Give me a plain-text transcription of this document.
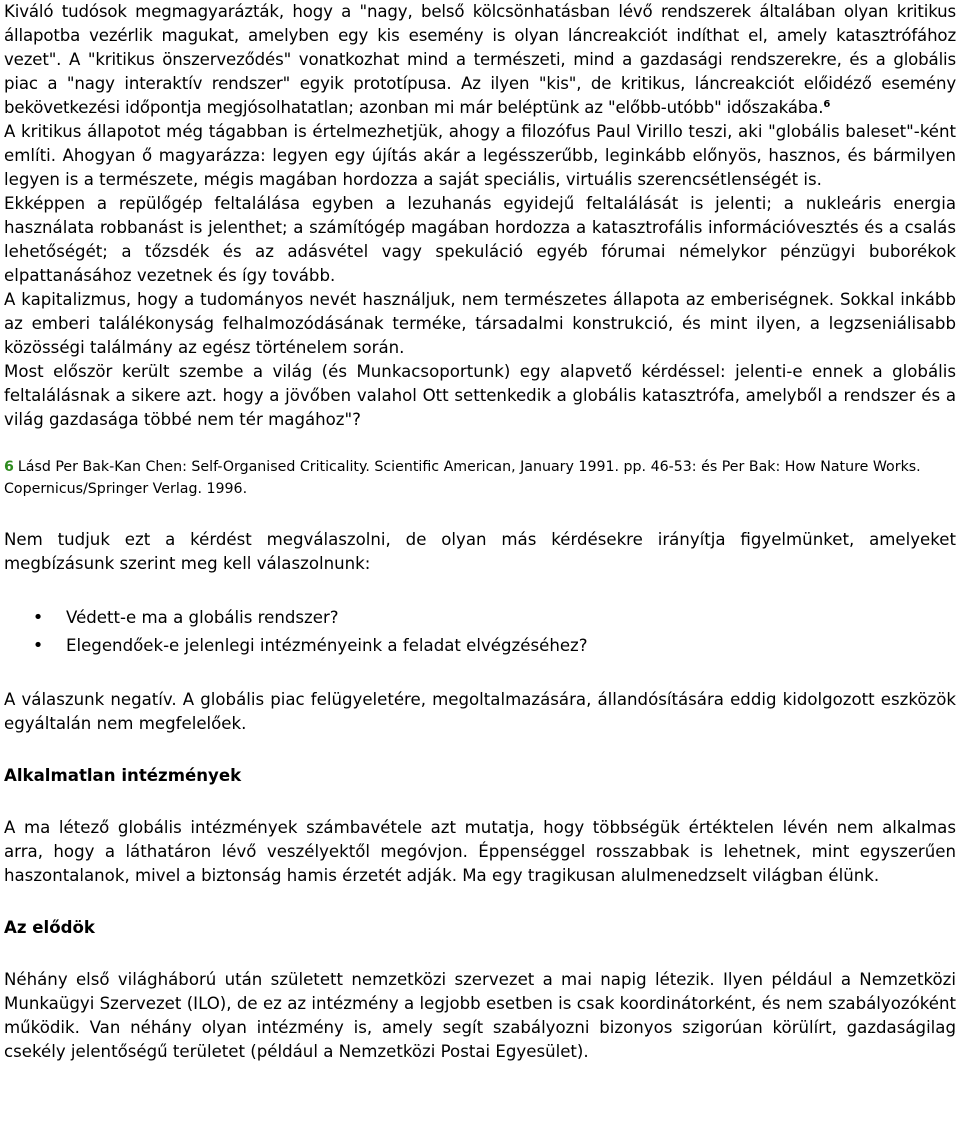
Kiváló tudósok megmagyarázták, hogy a "nagy, belső kölcsönhatásban lévő rendszerek általában olyan kritikus állapotba vezérlik magukat, amelyben egy kis esemény is olyan láncreakciót indíthat el, amely katasztrófához vezet". A "kritikus önszerveződés" vonatkozhat mind a természeti, mind a gazdasági rendszerekre, és a globális piac a "nagy interaktív rendszer" egyik prototípusa. Az ilyen "kis", de kritikus, láncreakciót előidéző esemény bekövetkezési időpontja megjósolhatatlan; azonban mi már beléptünk az "előbb-utóbb" időszakába.$^6$

A kritikus állapotot még tágabban is értelmezhetjük, ahogy a filozófus Paul Virillo teszi, aki "globális baleset"-ként említi. Ahogyan ő magyarázza: legyen egy újítás akár a legésszerűbb, leginkább előnyös, hasznos, és bármilyen legyen is a természete, mégis magában hordozza a saját speciális, virtuális szerencsétlenségét is.

Ekképpen a repülőgép feltalálása egyben a lezuhanás egyidejű feltalálását is jelenti; a nukleáris energia használata robbanást is jelenthet; a számítógép magában hordozza a katasztrofális információvesztés és a csalás lehetőségét; a tőzsdék és az adásvétel vagy spekuláció egyéb fórumai némelykor pénzügyi buborékok elpattanásához vezetnek és így tovább.

A kapitalizmus, hogy a tudományos nevét használjuk, nem természetes állapota az emberiségnek. Sokkal inkább az emberi találékonyság felhalmozódásának terméke, társadalmi konstrukció, és mint ilyen, a legzseniálisabb közösségi találmány az egész történelem során.

Most először került szembe a világ (és Munkacsoportunk) egy alapvető kérdéssel: jelenti-e ennek a globális feltalálásnak a sikere azt. hogy a jövőben valahol Ott settenkedik a globális katasztrófa, amelyből a rendszer és a világ gazdasága többé nem tér magához"?

6 Lásd Per Bak-Kan Chen: Self-Organised Criticality. Scientific American, January 1991. pp. 46-53: és Per Bak: How Nature Works. Copernicus/Springer Verlag. 1996.

Nem tudjuk ezt a kérdést megválaszolni, de olyan más kérdésekre irányítja figyelmünket, amelyeket megbízásunk szerint meg kell válaszolnunk:

• Védett-e ma a globális rendszer?
• Elegendőek-e jelenlegi intézményeink a feladat elvégzéséhez?

A válaszunk negatív. A globális piac felügyeletére, megoltalmazására, állandósítására eddig kidolgozott eszközök egyáltalán nem megfelelőek.

Alkalmatlan intézmények

A ma létező globális intézmények számbavétele azt mutatja, hogy többségük értéktelen lévén nem alkalmas arra, hogy a láthatáron lévő veszélyektől megóvjon. Éppenséggel rosszabbak is lehetnek, mint egyszerűen haszontalanok, mivel a biztonság hamis érzetét adják. Ma egy tragikusan alulmenedzselt világban élünk.

Az elődök

Néhány első világháború után született nemzetközi szervezet a mai napig létezik. Ilyen például a Nemzetközi Munkaügyi Szervezet (ILO), de ez az intézmény a legjobb esetben is csak koordinátorként, és nem szabályozóként működik. Van néhány olyan intézmény is, amely segít szabályozni bizonyos szigorúan körülírt, gazdaságilag csekély jelentőségű területet (például a Nemzetközi Postai Egyesület).
